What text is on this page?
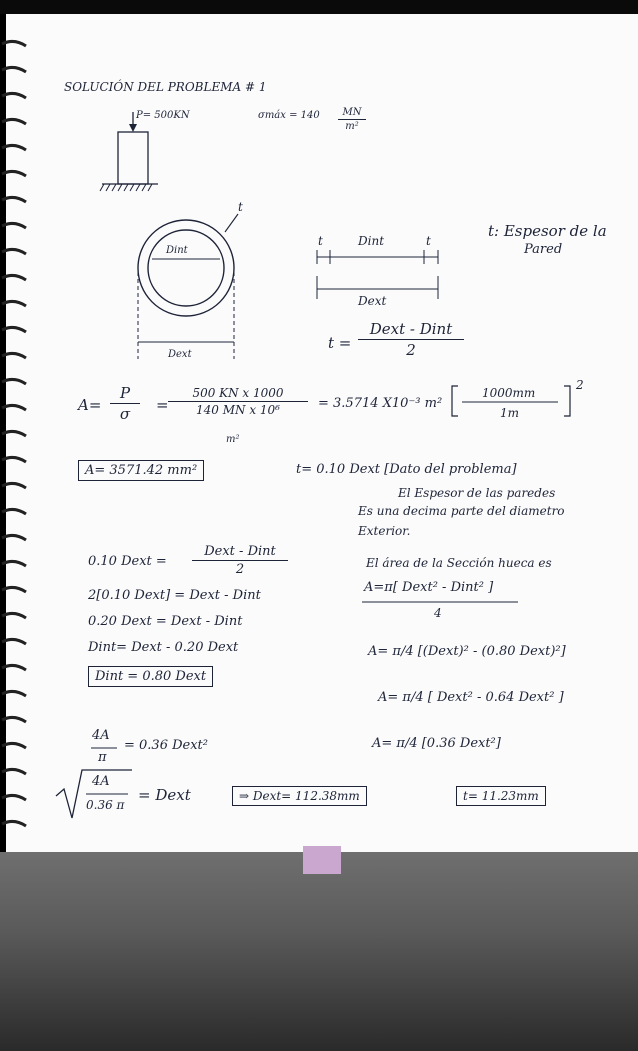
SOLUCIÓN DEL PROBLEMA # 1
P= 500KN	σmáx = 140	MN
m²
t
Dint
Dext
t	Dint	t
Dext
t: Espesor de la
Pared
t =
Dext - Dint
2
A=
P
σ	=
500 KN x 1000
140 MN x 10⁶
m²
= 3.5714 X10⁻³ m²
1000mm
1m
2
A= 3571.42 mm²	t= 0.10 Dext [Dato del problema]
El Espesor de las paredes
Es una decima parte del diametro
Exterior.
0.10 Dext =
Dext - Dint
2
2[0.10 Dext] = Dext - Dint
0.20 Dext = Dext - Dint
Dint= Dext - 0.20 Dext
Dint = 0.80 Dext
El área de la Sección hueca es
A=π[ Dext² - Dint² ]
4
A= π/4 [(Dext)² - (0.80 Dext)²]
A= π/4 [ Dext² - 0.64 Dext² ]
A= π/4 [0.36 Dext²]
4A
π
= 0.36 Dext²
4A
0.36 π
= Dext	⇒ Dext= 112.38mm	t= 11.23mm
